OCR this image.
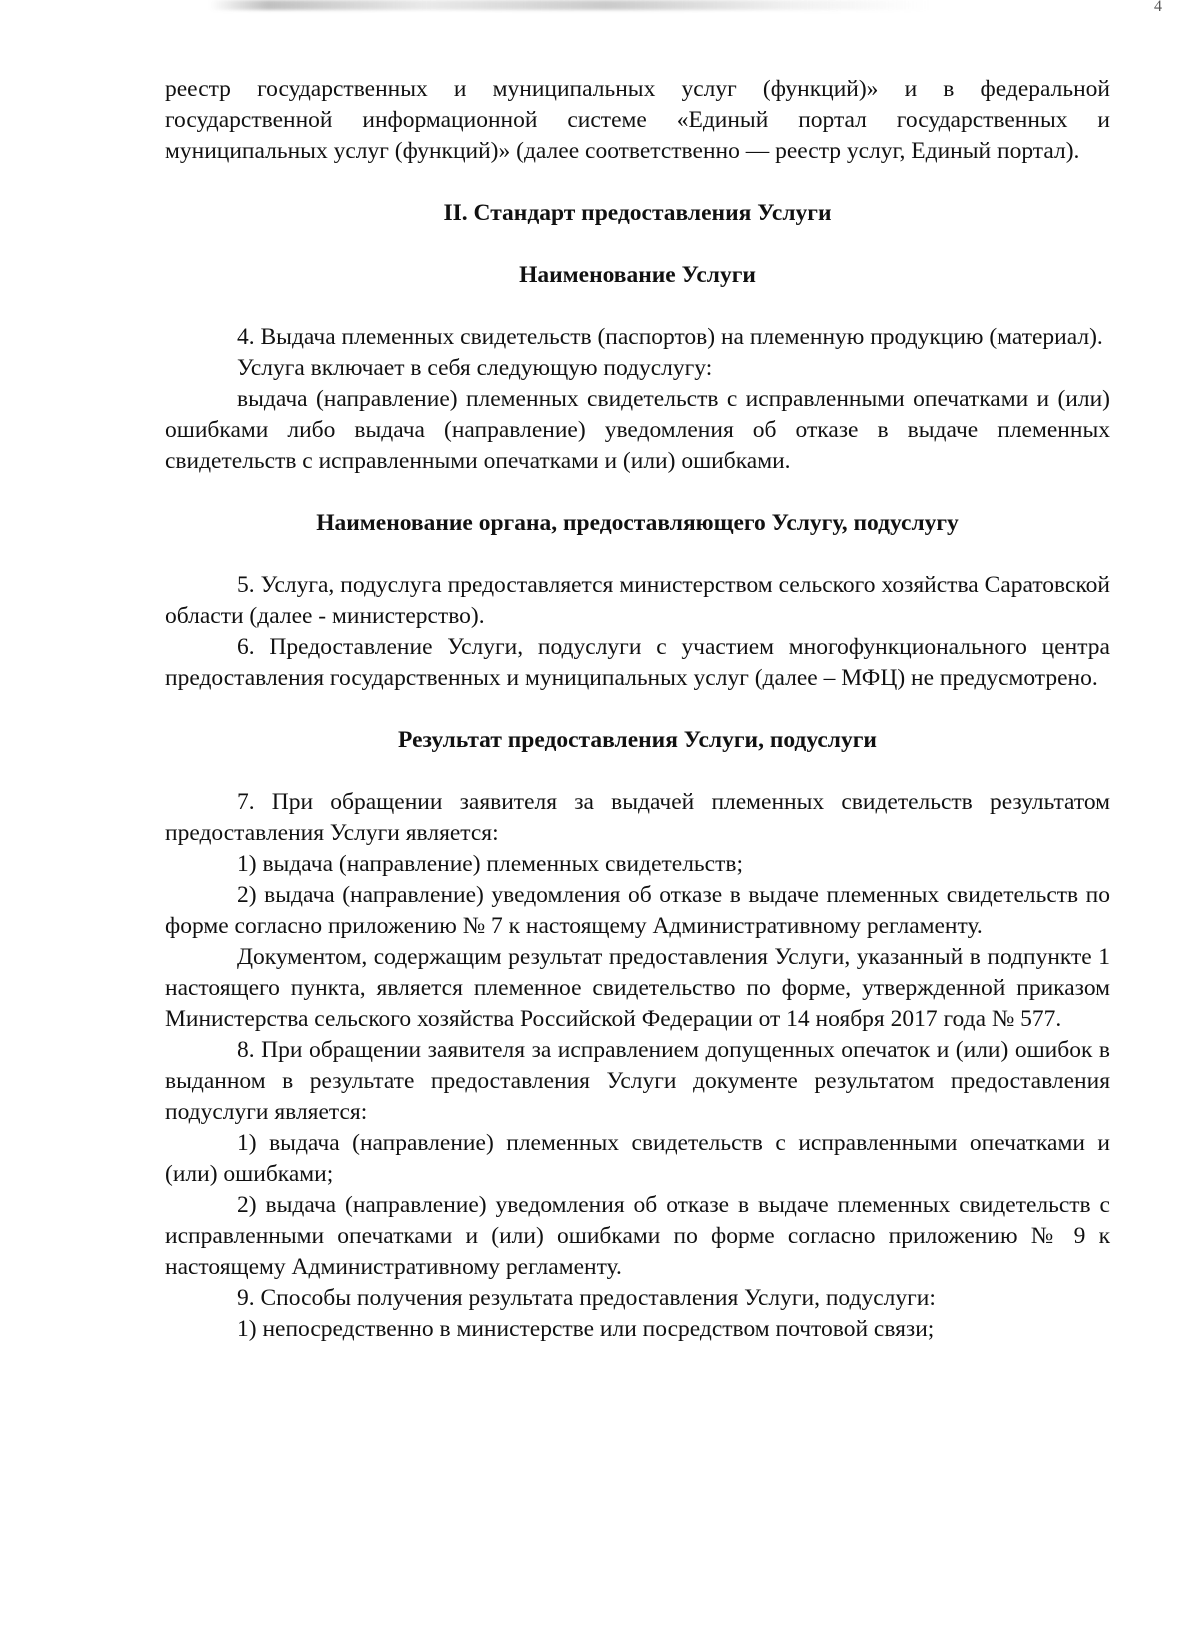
4

реестр государственных и муниципальных услуг (функций)» и в федеральной государственной информационной системе «Единый портал государственных и муниципальных услуг (функций)» (далее соответственно — реестр услуг, Единый портал).

II. Стандарт предоставления Услуги
Наименование Услуги

4. Выдача племенных свидетельств (паспортов) на племенную продукцию (материал).

Услуга включает в себя следующую подуслугу:

выдача (направление) племенных свидетельств с исправленными опечатками и (или) ошибками либо выдача (направление) уведомления об отказе в выдаче племенных свидетельств с исправленными опечатками и (или) ошибками.

Наименование органа, предоставляющего Услугу, подуслугу

5. Услуга, подуслуга предоставляется министерством сельского хозяйства Саратовской области (далее - министерство).

6. Предоставление Услуги, подуслуги с участием многофункционального центра предоставления государственных и муниципальных услуг (далее – МФЦ) не предусмотрено.

Результат предоставления Услуги, подуслуги

7. При обращении заявителя за выдачей племенных свидетельств результатом предоставления Услуги является:

1) выдача (направление) племенных свидетельств;

2) выдача (направление) уведомления об отказе в выдаче племенных свидетельств по форме согласно приложению № 7 к настоящему Административному регламенту.

Документом, содержащим результат предоставления Услуги, указанный в подпункте 1 настоящего пункта, является племенное свидетельство по форме, утвержденной приказом Министерства сельского хозяйства Российской Федерации от 14 ноября 2017 года № 577.

8. При обращении заявителя за исправлением допущенных опечаток и (или) ошибок в выданном в результате предоставления Услуги документе результатом предоставления подуслуги является:

1) выдача (направление) племенных свидетельств с исправленными опечатками и (или) ошибками;

2) выдача (направление) уведомления об отказе в выдаче племенных свидетельств с исправленными опечатками и (или) ошибками по форме согласно приложению № 9 к настоящему Административному регламенту.

9. Способы получения результата предоставления Услуги, подуслуги:

1) непосредственно в министерстве или посредством почтовой связи;
